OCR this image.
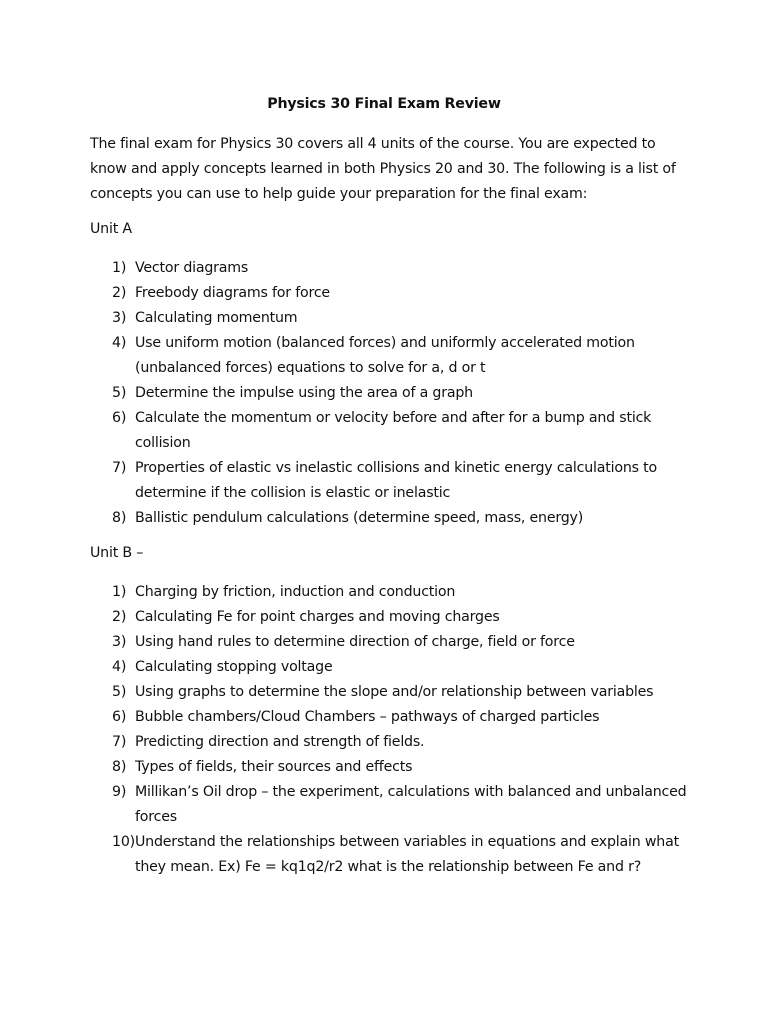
Physics 30 Final Exam Review

The final exam for Physics 30 covers all 4 units of the course. You are expected to know and apply concepts learned in both Physics 20 and 30. The following is a list of concepts you can use to help guide your preparation for the final exam:

Unit A

1) Vector diagrams
2) Freebody diagrams for force
3) Calculating momentum
4) Use uniform motion (balanced forces) and uniformly accelerated motion (unbalanced forces) equations to solve for a, d or t
5) Determine the impulse using the area of a graph
6) Calculate the momentum or velocity before and after for a bump and stick collision
7) Properties of elastic vs inelastic collisions and kinetic energy calculations to determine if the collision is elastic or inelastic
8) Ballistic pendulum calculations (determine speed, mass, energy)

Unit B –

1) Charging by friction, induction and conduction
2) Calculating Fe for point charges and moving charges
3) Using hand rules to determine direction of charge, field or force
4) Calculating stopping voltage
5) Using graphs to determine the slope and/or relationship between variables
6) Bubble chambers/Cloud Chambers – pathways of charged particles
7) Predicting direction and strength of fields.
8) Types of fields, their sources and effects
9) Millikan’s Oil drop – the experiment, calculations with balanced and unbalanced forces
10) Understand the relationships between variables in equations and explain what they mean. Ex) Fe = kq1q2/r2 what is the relationship between Fe and r?
